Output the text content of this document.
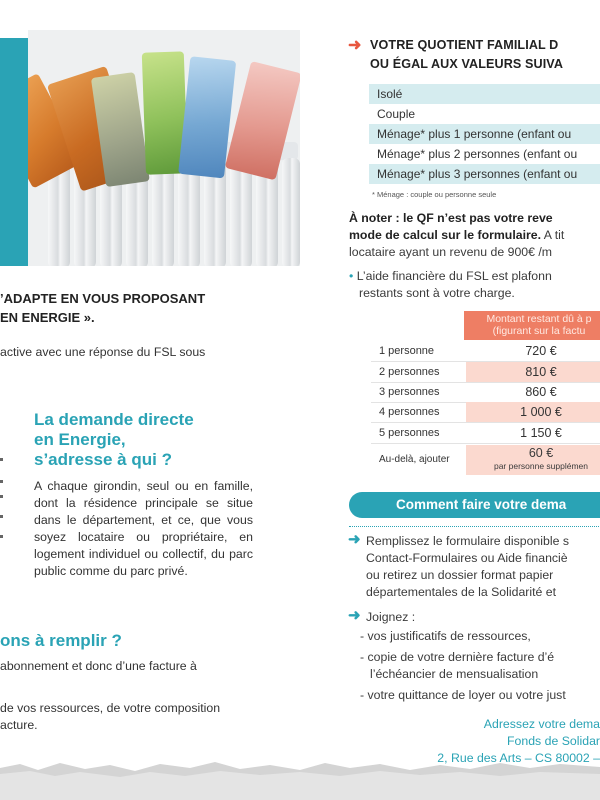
’ADAPTE EN VOUS PROPOSANT
EN ENERGIE ».
active avec une réponse du FSL sous
La demande directe
en Energie,
s’adresse à qui ?
A chaque girondin, seul ou en famille, dont la résidence principale se situe dans le département, et ce, que vous soyez locataire ou propriétaire, en logement individuel ou collectif, du parc public comme du parc privé.
ons à remplir ?
abonnement et donc d’une facture à
de vos ressources, de votre composition
acture.
➜ VOTRE QUOTIENT FAMILIAL D
OU ÉGAL AUX VALEURS SUIVA
Isolé
Couple
Ménage* plus 1 personne (enfant ou
Ménage* plus 2 personnes (enfant ou
Ménage* plus 3 personnes (enfant ou
* Ménage : couple ou personne seule
À noter : le QF n’est pas votre reve
mode de calcul sur le formulaire. A tit
locataire ayant un revenu de 900€ /m
• L’aide financière du FSL est plafonn
restants sont à votre charge.
Montant restant dû à p
(figurant sur la factu
1 personne	720 €
2 personnes	810 €
3 personnes	860 €
4 personnes	1 000 €
5 personnes	1 150 €
Au-delà, ajouter	60 €
par personne supplémen
Comment faire votre dema
➜ Remplissez le formulaire disponible s
Contact-Formulaires ou Aide financiè
ou retirez un dossier format papier
départementales de la Solidarité et
➜ Joignez :
- vos justificatifs de ressources,
- copie de votre dernière facture d’é
l’échéancier de mensualisation
- votre quittance de loyer ou votre just
Adressez votre dema
Fonds de Solidar
2, Rue des Arts – CS 80002 –
